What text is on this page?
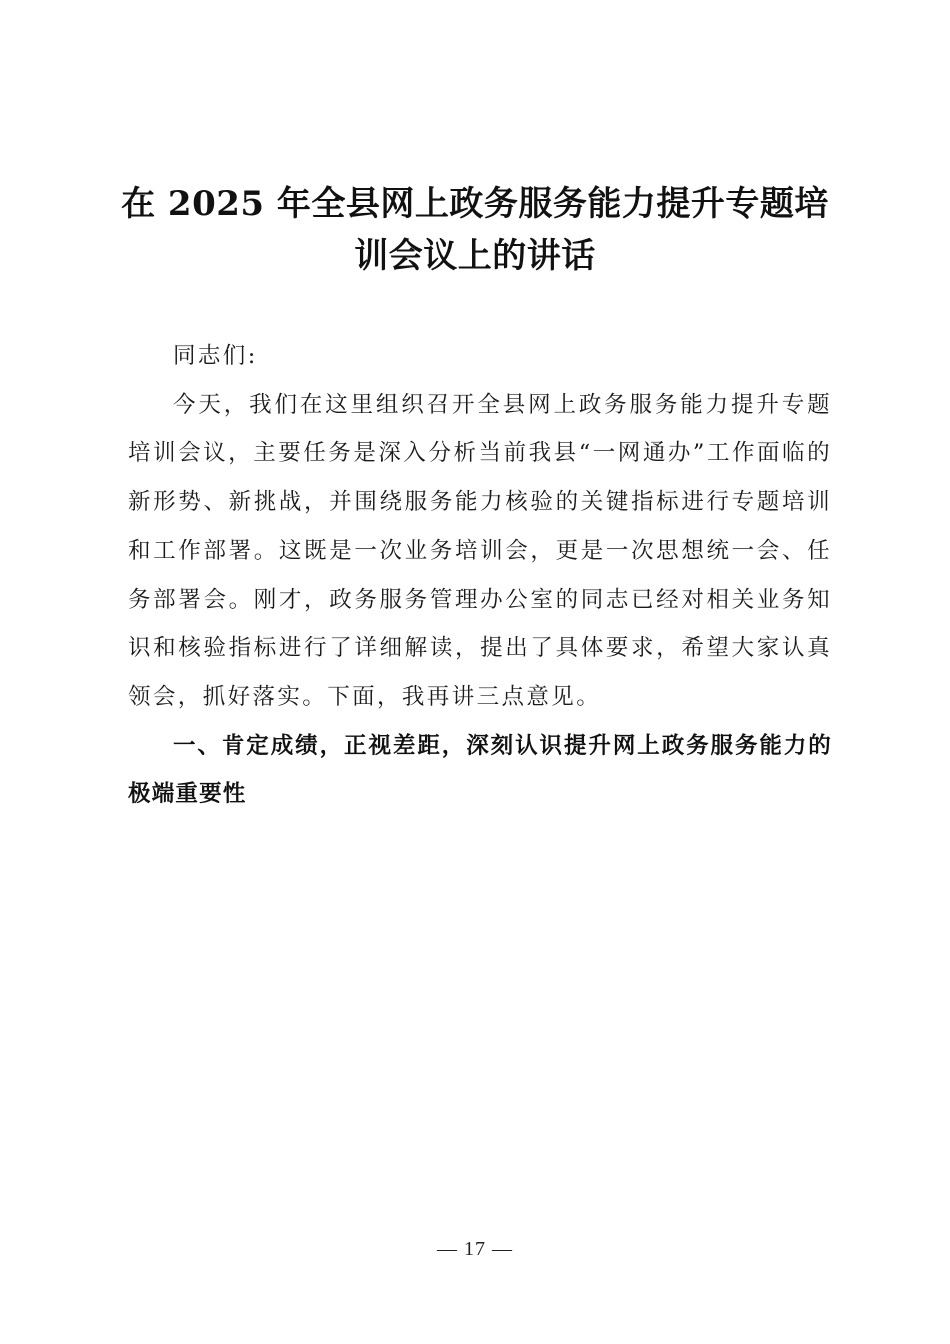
在 2025 年全县网上政务服务能力提升专题培
训会议上的讲话

同志们:

今天，我们在这里组织召开全县网上政务服务能力提升专题培训会议，主要任务是深入分析当前我县“一网通办”工作面临的新形势、新挑战，并围绕服务能力核验的关键指标进行专题培训和工作部署。这既是一次业务培训会，更是一次思想统一会、任务部署会。刚才，政务服务管理办公室的同志已经对相关业务知识和核验指标进行了详细解读，提出了具体要求，希望大家认真领会，抓好落实。下面，我再讲三点意见。

一、肯定成绩，正视差距，深刻认识提升网上政务服务能力的极端重要性

— 17 —
